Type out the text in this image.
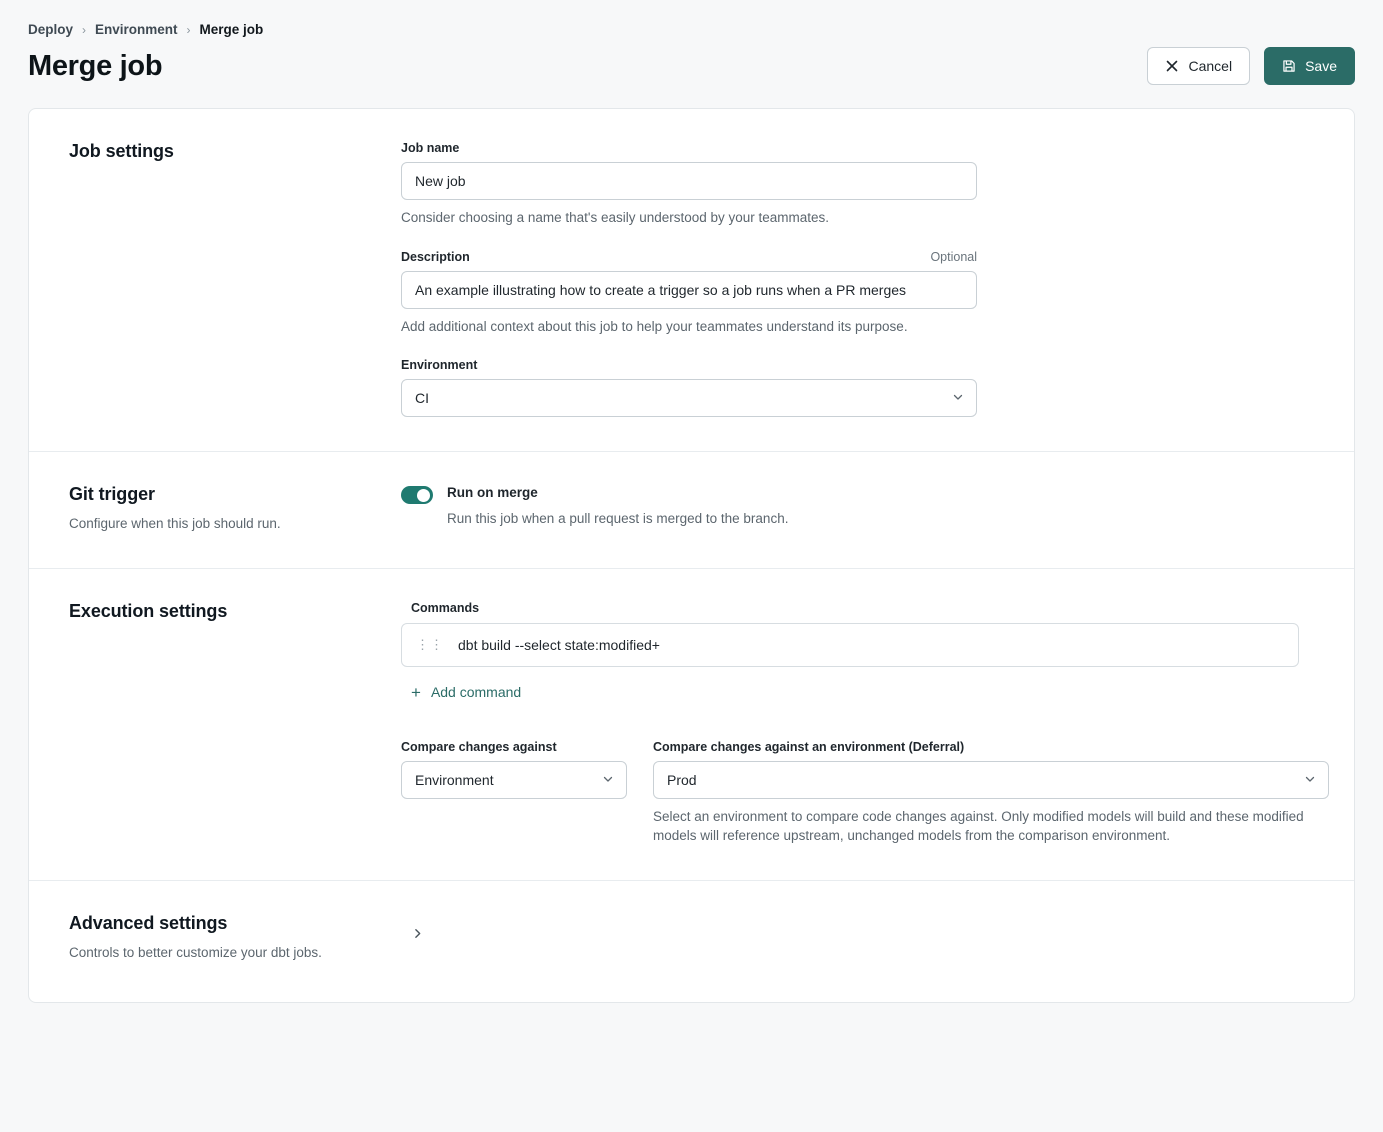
Deploy › Environment › Merge job
Merge job	Cancel	Save
Job settings	Job name
New job
Consider choosing a name that's easily understood by your teammates.
Description	Optional
An example illustrating how to create a trigger so a job runs when a PR merges
Add additional context about this job to help your teammates understand its purpose.
Environment
CI
Git trigger
Configure when this job should run.
Run on merge
Run this job when a pull request is merged to the branch.
Execution settings	Commands
⋮⋮ dbt build --select state:modified+
+ Add command
Compare changes against
Environment
Compare changes against an environment (Deferral)
Prod
Select an environment to compare code changes against. Only modified models will build and these modified models will reference upstream, unchanged models from the comparison environment.
Advanced settings
Controls to better customize your dbt jobs.
